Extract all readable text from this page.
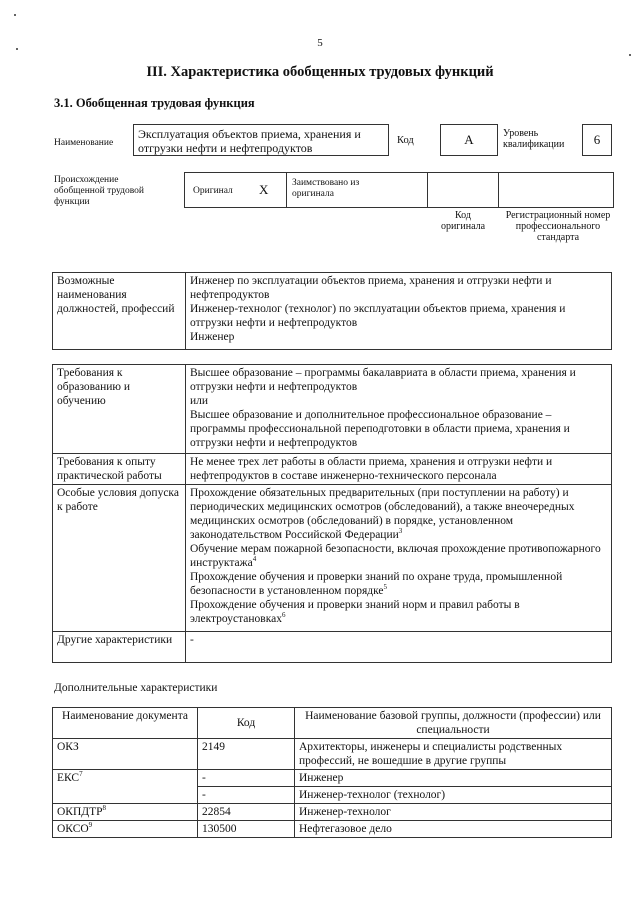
5
III. Характеристика обобщенных трудовых функций
3.1. Обобщенная трудовая функция
Наименование
Эксплуатация объектов приема, хранения и отгрузки нефти и нефтепродуктов
Код	A	Уровень квалификации	6
Происхождение обобщенной трудовой функции
Оригинал X Заимствовано из оригинала
Код оригинала
Регистрационный номер профессионального стандарта
Возможные наименования должностей, профессий	
Инженер по эксплуатации объектов приема, хранения и отгрузки нефти и нефтепродуктов
Инженер-технолог (технолог) по эксплуатации объектов приема, хранения и отгрузки нефти и нефтепродуктов
Инженер
Требования к образованию и обучению	Высшее образование – программы бакалавриата в области приема, хранения и отгрузки нефти и нефтепродуктов
или
Высшее образование и дополнительное профессиональное образование – программы профессиональной переподготовки в области приема, хранения и отгрузки нефти и нефтепродуктов

Требования к опыту практической работы	Не менее трех лет работы в области приема, хранения и отгрузки нефти и нефтепродуктов в составе инженерно-технического персонала
Особые условия допуска к работе	Прохождение обязательных предварительных (при поступлении на работу) и периодических медицинских осмотров (обследований), а также внеочередных медицинских осмотров (обследований) в порядке, установленном законодательством Российской Федерации$^3$
Обучение мерам пожарной безопасности, включая прохождение противопожарного инструктажа$^4$
Прохождение обучения и проверки знаний по охране труда, промышленной безопасности в установленном порядке$^5$
Прохождение обучения и проверки знаний норм и правил работы в электроустановках$^6$

Другие характеристики	-
Дополнительные характеристики
Наименование документа	Код	Наименование базовой группы, должности (профессии) или специальности
ОКЗ	2149	Архитекторы, инженеры и специалисты родственных профессий, не вошедшие в другие группы
ЕКС$^7$	-	Инженер
	-	Инженер-технолог (технолог)
ОКПДТР$^8$	22854	Инженер-технолог
ОКСО$^9$	130500	Нефтегазовое дело
